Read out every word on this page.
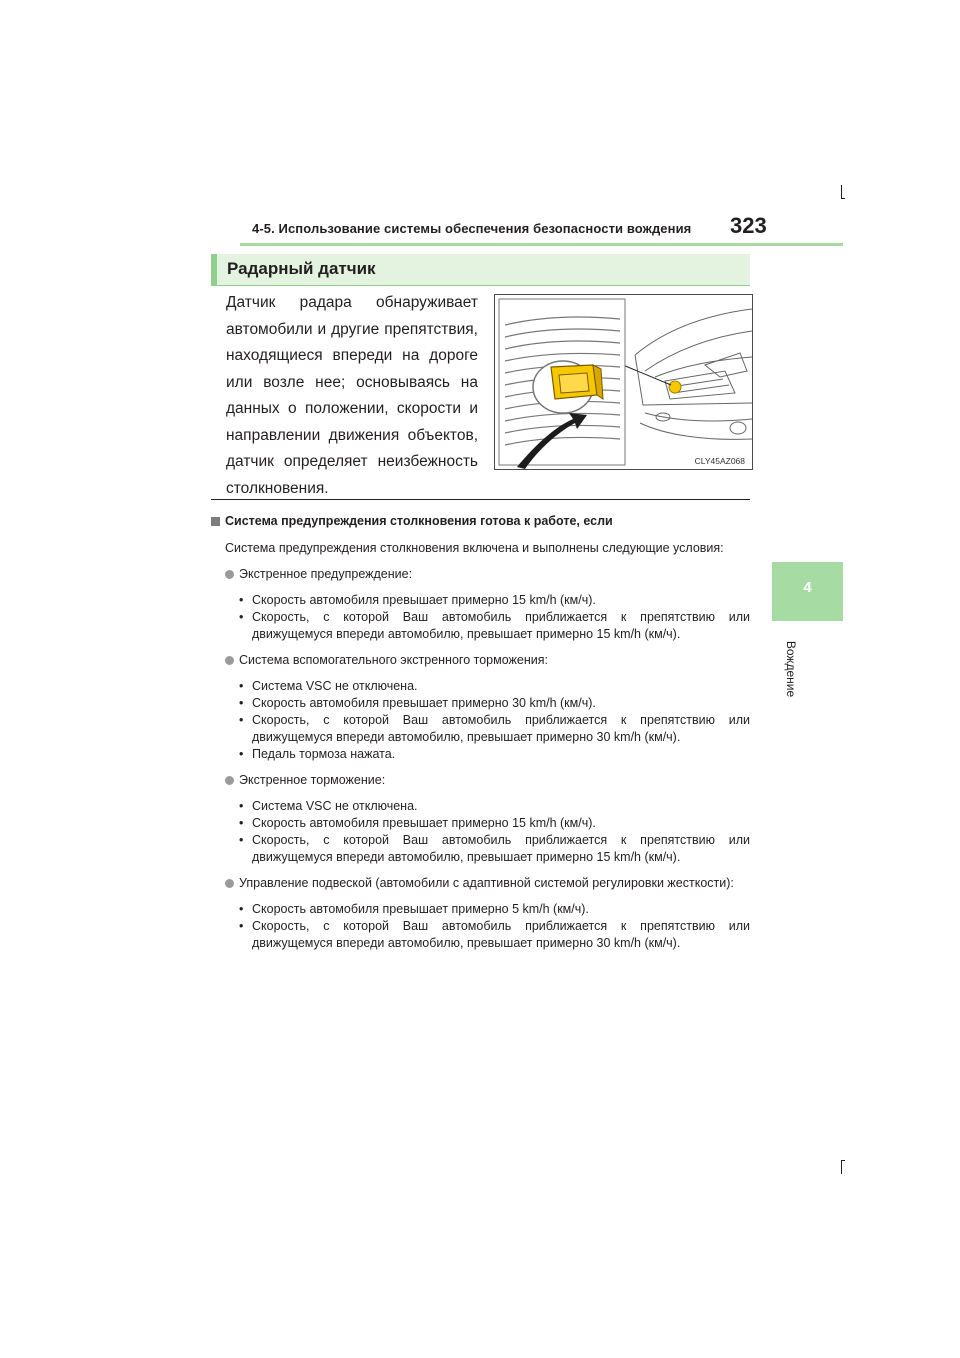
4-5. Использование системы обеспечения безопасности вождения 323
Радарный датчик
Датчик радара обнаруживает автомобили и другие препятствия, находящиеся впереди на дороге или возле нее; основываясь на данных о положении, скорости и направлении движения объектов, датчик определяет неизбежность столкновения.
CLY45AZ068
Система предупреждения столкновения готова к работе, если
Система предупреждения столкновения включена и выполнены следующие условия:
Экстренное предупреждение:
• Скорость автомобиля превышает примерно 15 km/h (км/ч).
• Скорость, с которой Ваш автомобиль приближается к препятствию или движущемуся впереди автомобилю, превышает примерно 15 km/h (км/ч).
Система вспомогательного экстренного торможения:
• Система VSC не отключена.
• Скорость автомобиля превышает примерно 30 km/h (км/ч).
• Скорость, с которой Ваш автомобиль приближается к препятствию или движущемуся впереди автомобилю, превышает примерно 30 km/h (км/ч).
• Педаль тормоза нажата.
Экстренное торможение:
• Система VSC не отключена.
• Скорость автомобиля превышает примерно 15 km/h (км/ч).
• Скорость, с которой Ваш автомобиль приближается к препятствию или движущемуся впереди автомобилю, превышает примерно 15 km/h (км/ч).
Управление подвеской (автомобили с адаптивной системой регулировки жесткости):
• Скорость автомобиля превышает примерно 5 km/h (км/ч).
• Скорость, с которой Ваш автомобиль приближается к препятствию или движущемуся впереди автомобилю, превышает примерно 30 km/h (км/ч).
4
Вождение
